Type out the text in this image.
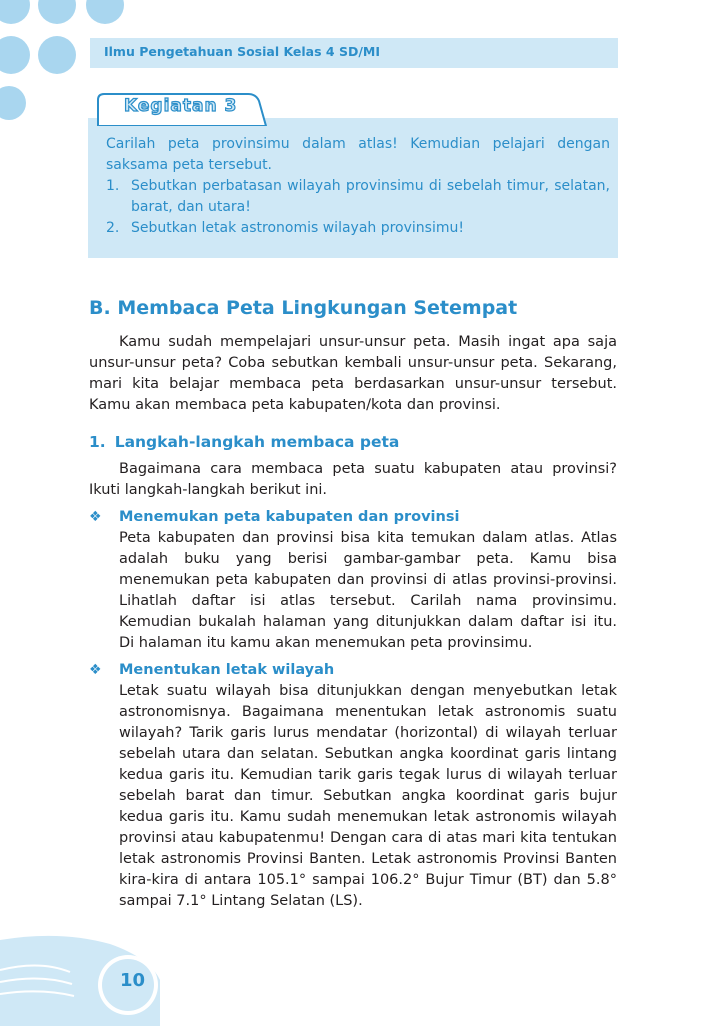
Ilmu Pengetahuan Sosial Kelas 4 SD/MI
Kegiatan 3

Carilah peta provinsimu dalam atlas! Kemudian pelajari dengan saksama peta tersebut.

1. Sebutkan perbatasan wilayah provinsimu di sebelah timur, selatan, barat, dan utara!
2. Sebutkan letak astronomis wilayah provinsimu!
B. Membaca Peta Lingkungan Setempat

Kamu sudah mempelajari unsur-unsur peta. Masih ingat apa saja unsur-unsur peta? Coba sebutkan kembali unsur-unsur peta. Sekarang, mari kita belajar membaca peta berdasarkan unsur-unsur tersebut. Kamu akan membaca peta kabupaten/kota dan provinsi.

1. Langkah-langkah membaca peta

Bagaimana cara membaca peta suatu kabupaten atau provinsi? Ikuti langkah-langkah berikut ini.

❖ Menemukan peta kabupaten dan provinsi

Peta kabupaten dan provinsi bisa kita temukan dalam atlas. Atlas adalah buku yang berisi gambar-gambar peta. Kamu bisa menemukan peta kabupaten dan provinsi di atlas provinsi-provinsi. Lihatlah daftar isi atlas tersebut. Carilah nama provinsimu. Kemudian bukalah halaman yang ditunjukkan dalam daftar isi itu. Di halaman itu kamu akan menemukan peta provinsimu.

❖ Menentukan letak wilayah

Letak suatu wilayah bisa ditunjukkan dengan menyebutkan letak astronomisnya. Bagaimana menentukan letak astronomis suatu wilayah? Tarik garis lurus mendatar (horizontal) di wilayah terluar sebelah utara dan selatan. Sebutkan angka koordinat garis lintang kedua garis itu. Kemudian tarik garis tegak lurus di wilayah terluar sebelah barat dan timur. Sebutkan angka koordinat garis bujur kedua garis itu. Kamu sudah menemukan letak astronomis wilayah provinsi atau kabupatenmu! Dengan cara di atas mari kita tentukan letak astronomis Provinsi Banten. Letak astronomis Provinsi Banten kira-kira di antara 105.1° sampai 106.2° Bujur Timur (BT) dan 5.8° sampai 7.1° Lintang Selatan (LS).

10
